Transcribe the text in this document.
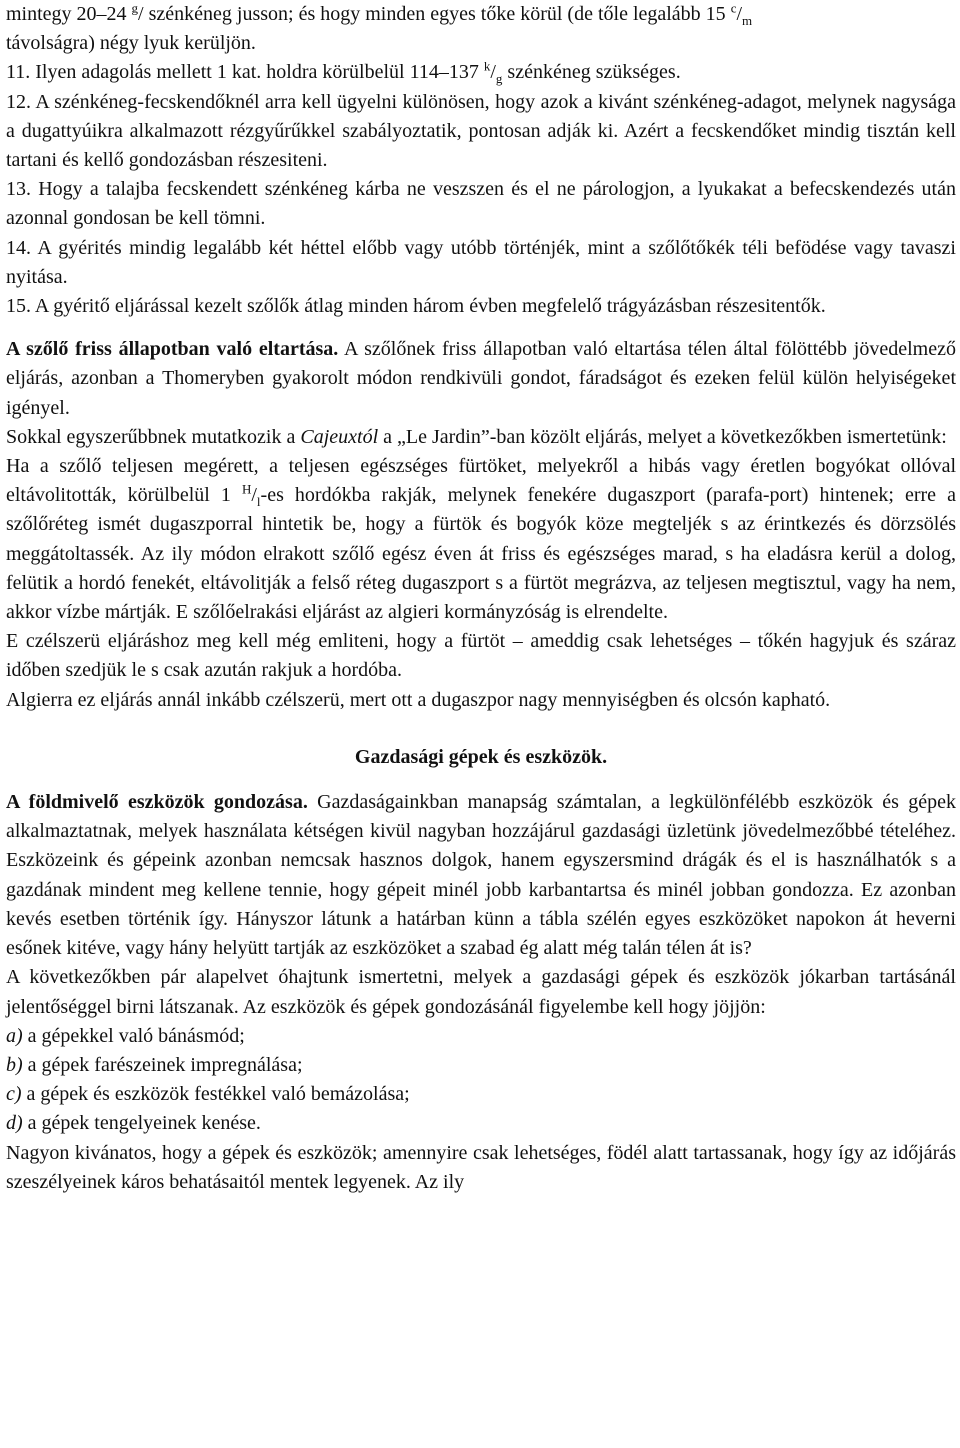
mintegy 20–24 $^g$/ szénkéneg jusson; és hogy minden egyes tőke körül (de tőle legalább 15 $^c/_m$
távolságra) négy lyuk kerüljön.

11. Ilyen adagolás mellett 1 kat. holdra körülbelül 114–137 $^k/_g$ szénkéneg szükséges.

12. A szénkéneg-fecskendőknél arra kell ügyelni különösen, hogy azok a kivánt szénkéneg-adagot, melynek nagysága a dugattyúikra alkalmazott rézgyűrűkkel szabályoztatik, pontosan adják ki. Azért a fecskendőket mindig tisztán kell tartani és kellő gondozásban részesiteni.

13. Hogy a talajba fecskendett szénkéneg kárba ne veszszen és el ne párologjon, a lyukakat a befecskendezés után azonnal gondosan be kell tömni.

14. A gyérités mindig legalább két héttel előbb vagy utóbb történjék, mint a szőlőtőkék téli befödése vagy tavaszi nyitása.

15. A gyéritő eljárással kezelt szőlők átlag minden három évben megfelelő trágyázásban részesitentők.

A szőlő friss állapotban való eltartása. A szőlőnek friss állapotban való eltartása télen által fölöttébb jövedelmező eljárás, azonban a Thomeryben gyakorolt módon rendkivüli gondot, fáradságot és ezeken felül külön helyiségeket igényel.

Sokkal egyszerűbbnek mutatkozik a Cajeuxtól a „Le Jardin”-ban közölt eljárás, melyet a következőkben ismertetünk:

Ha a szőlő teljesen megérett, a teljesen egészséges fürtöket, melyekről a hibás vagy éretlen bogyókat ollóval eltávolitották, körülbelül 1 $^H/_l-es$ hordókba rakják, melynek fenekére dugaszport (parafa-port) hintenek; erre a szőlőréteg ismét dugaszporral hintetik be, hogy a fürtök és bogyók köze megteljék s az érintkezés és dörzsölés meggátoltassék. Az ily módon elrakott szőlő egész éven át friss és egészséges marad, s ha eladásra kerül a dolog, felütik a hordó fenekét, eltávolitják a felső réteg dugaszport s a fürtöt megrázva, az teljesen megtisztul, vagy ha nem, akkor vízbe mártják. E szőlőelrakási eljárást az algieri kormányzóság is elrendelte.

E czélszerü eljáráshoz meg kell még emliteni, hogy a fürtöt – ameddig csak lehetséges – tőkén hagyjuk és száraz időben szedjük le s csak azután rakjuk a hordóba.

Algierra ez eljárás annál inkább czélszerü, mert ott a dugaszpor nagy mennyiségben és olcsón kapható.

Gazdasági gépek és eszközök.

A földmivelő eszközök gondozása. Gazdaságainkban manapság számtalan, a legkülönfélébb eszközök és gépek alkalmaztatnak, melyek használata kétségen kivül nagyban hozzájárul gazdasági üzletünk jövedelmezőbbé tételéhez. Eszközeink és gépeink azonban nemcsak hasznos dolgok, hanem egyszersmind drágák és el is használhatók s a gazdának mindent meg kellene tennie, hogy gépeit minél jobb karbantartsa és minél jobban gondozza. Ez azonban kevés esetben történik így. Hányszor látunk a határban künn a tábla szélén egyes eszközöket napokon át heverni esőnek kitéve, vagy hány helyütt tartják az eszközöket a szabad ég alatt még talán télen át is?

A következőkben pár alapelvet óhajtunk ismertetni, melyek a gazdasági gépek és eszközök jókarban tartásánál jelentőséggel birni látszanak. Az eszközök és gépek gondozásánál figyelembe kell hogy jöjjön:

a) a gépekkel való bánásmód;

b) a gépek farészeinek impregnálása;

c) a gépek és eszközök festékkel való bemázolása;

d) a gépek tengelyeinek kenése.

Nagyon kivánatos, hogy a gépek és eszközök; amennyire csak lehetséges, födél alatt tartassanak, hogy így az időjárás szeszélyeinek káros behatásaitól mentek legyenek. Az ily
